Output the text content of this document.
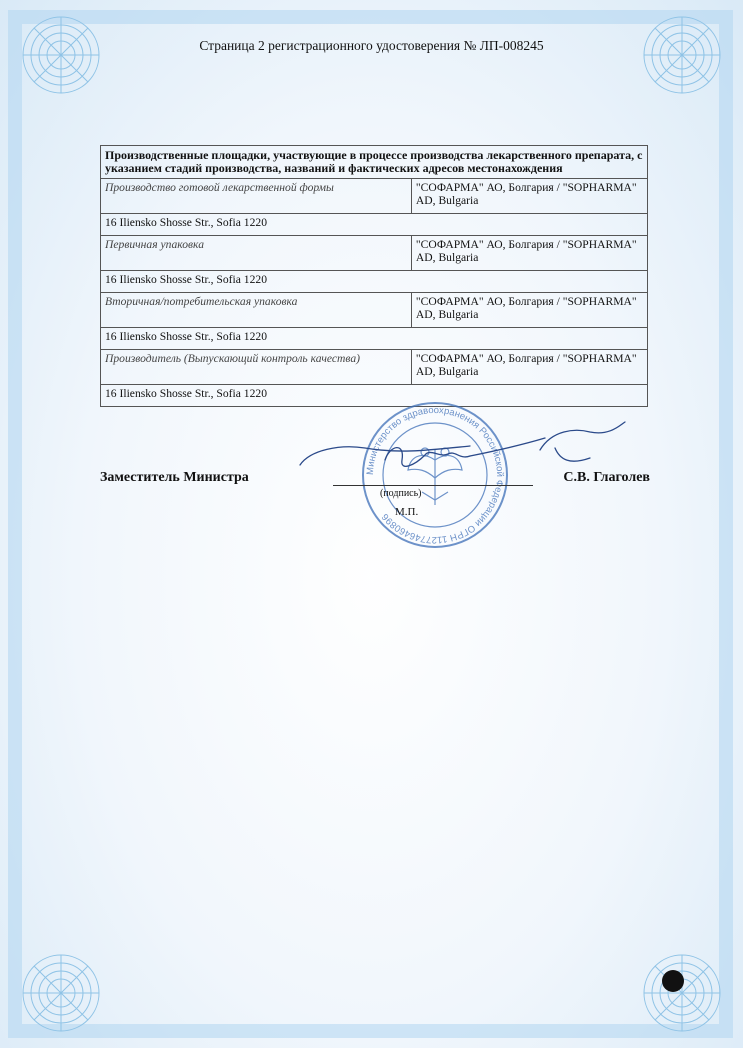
Страница 2 регистрационного удостоверения № ЛП-008245
Производственные площадки, участвующие в процессе производства лекарственного препарата, с указанием стадий производства, названий и фактических адресов местонахождения	
Производство готовой лекарственной формы	"СОФАРМА" АО, Болгария / "SOPHARMA" AD, Bulgaria
16 Iliensko Shosse Str., Sofia 1220	
Первичная упаковка	"СОФАРМА" АО, Болгария / "SOPHARMA" AD, Bulgaria
16 Iliensko Shosse Str., Sofia 1220	
Вторичная/потребительская упаковка	"СОФАРМА" АО, Болгария / "SOPHARMA" AD, Bulgaria
16 Iliensko Shosse Str., Sofia 1220	
Производитель (Выпускающий контроль качества)	"СОФАРМА" АО, Болгария / "SOPHARMA" AD, Bulgaria
16 Iliensko Shosse Str., Sofia 1220	
Министерство здравоохранения Российской Федерации ОГРН 1127746460896
Заместитель Министра
(подпись)
М.П.
С.В. Глаголев
